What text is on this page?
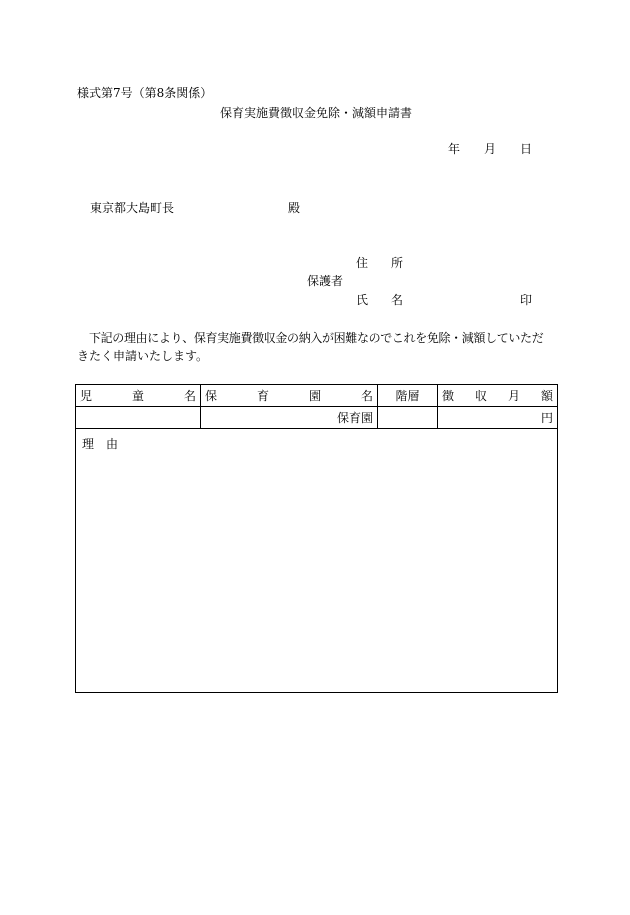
様式第7号（第8条関係）
保育実施費徴収金免除・減額申請書
年 月 日
東京都大島町長	殿
住 所
保護者
氏 名	印
下記の理由により、保育実施費徴収金の納入が困難なのでこれを免除・減額していただ
きたく申請いたします。
児 童 名	保 育 園 名	階層	徴 収 月 額

	保育園		円
理　由			
